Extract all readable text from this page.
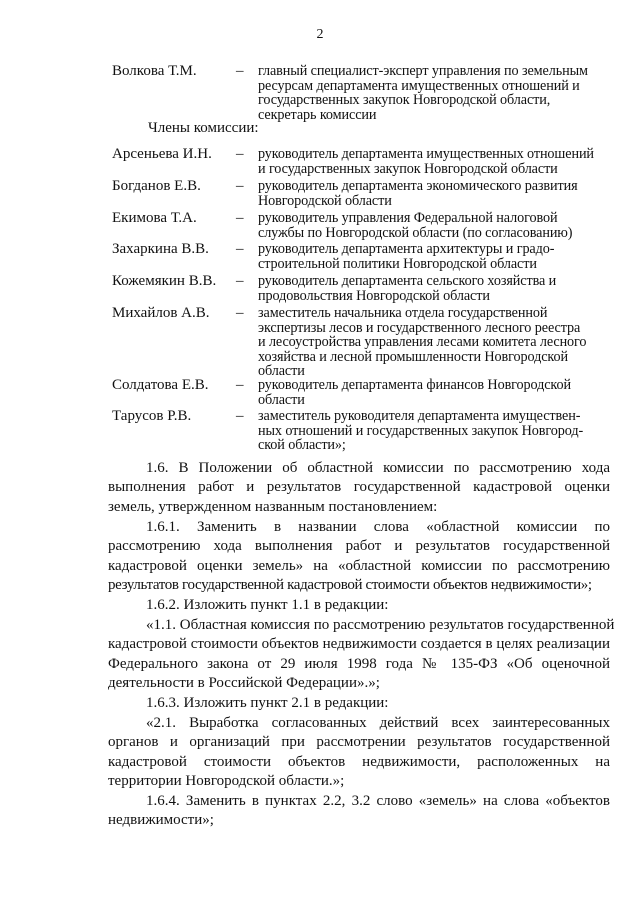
2
Волкова Т.М.	– главный специалист-эксперт управления по земельным
ресурсам департамента имущественных отношений и
государственных закупок Новгородской области,
секретарь комиссии
Члены комиссии:
Арсеньева И.Н. – руководитель департамента имущественных отношений
и государственных закупок Новгородской области
Богданов Е.В. – руководитель департамента экономического развития
Новгородской области
Екимова Т.А.	– руководитель управления Федеральной налоговой
службы по Новгородской области (по согласованию)
Захаркина В.В. – руководитель департамента архитектуры и градо-
строительной политики Новгородской области
Кожемякин В.В. – руководитель департамента сельского хозяйства и
продовольствия Новгородской области
Михайлов А.В. – заместитель начальника отдела государственной
экспертизы лесов и государственного лесного реестра
и лесоустройства управления лесами комитета лесного
хозяйства и лесной промышленности Новгородской
области
Солдатова Е.В. – руководитель департамента финансов Новгородской
области
Тарусов Р.В.	– заместитель руководителя департамента имуществен-
ных отношений и государственных закупок Новгород-
ской области»;
1.6. В Положении об областной комиссии по рассмотрению хода
выполнения работ и результатов государственной кадастровой оценки
земель, утвержденном названным постановлением:
1.6.1. Заменить в названии слова «областной комиссии по
рассмотрению хода выполнения работ и результатов государственной
кадастровой оценки земель» на «областной комиссии по рассмотрению
результатов государственной кадастровой стоимости объектов недвижимости»;
1.6.2. Изложить пункт 1.1 в редакции:
«1.1. Областная комиссия по рассмотрению результатов государственной
кадастровой стоимости объектов недвижимости создается в целях реализации
Федерального закона от 29 июля 1998 года № 135-ФЗ «Об оценочной
деятельности в Российской Федерации».»;
1.6.3. Изложить пункт 2.1 в редакции:
«2.1. Выработка согласованных действий всех заинтересованных
органов и организаций при рассмотрении результатов государственной
кадастровой стоимости объектов недвижимости, расположенных на
территории Новгородской области.»;
1.6.4. Заменить в пунктах 2.2, 3.2 слово «земель» на слова «объектов
недвижимости»;
